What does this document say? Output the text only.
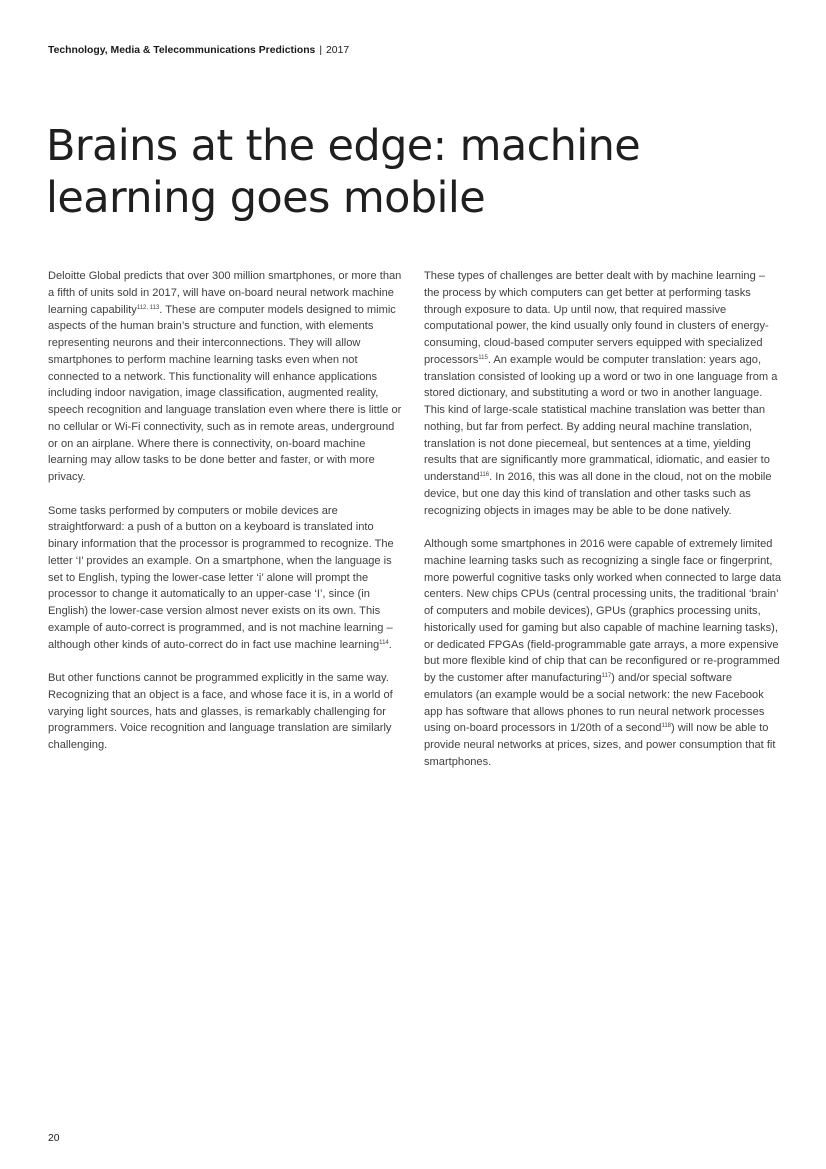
Technology, Media & Telecommunications Predictions | 2017
Brains at the edge: machine learning goes mobile

Deloitte Global predicts that over 300 million smartphones, or more than a fifth of units sold in 2017, will have on-board neural network machine learning capability$^{112, 113}$. These are computer models designed to mimic aspects of the human brain’s structure and function, with elements representing neurons and their interconnections. They will allow smartphones to perform machine learning tasks even when not connected to a network. This functionality will enhance applications including indoor navigation, image classification, augmented reality, speech recognition and language translation even where there is little or no cellular or Wi-Fi connectivity, such as in remote areas, underground or on an airplane. Where there is connectivity, on-board machine learning may allow tasks to be done better and faster, or with more privacy.

Some tasks performed by computers or mobile devices are straightforward: a push of a button on a keyboard is translated into binary information that the processor is programmed to recognize. The letter ‘I’ provides an example. On a smartphone, when the language is set to English, typing the lower-case letter ‘i’ alone will prompt the processor to change it automatically to an upper-case ‘I’, since (in English) the lower-case version almost never exists on its own. This example of auto-correct is programmed, and is not machine learning – although other kinds of auto-correct do in fact use machine learning$^{114}$.

But other functions cannot be programmed explicitly in the same way. Recognizing that an object is a face, and whose face it is, in a world of varying light sources, hats and glasses, is remarkably challenging for programmers. Voice recognition and language translation are similarly challenging.

These types of challenges are better dealt with by machine learning – the process by which computers can get better at performing tasks through exposure to data. Up until now, that required massive computational power, the kind usually only found in clusters of energy-consuming, cloud-based computer servers equipped with specialized processors$^{115}$. An example would be computer translation: years ago, translation consisted of looking up a word or two in one language from a stored dictionary, and substituting a word or two in another language. This kind of large-scale statistical machine translation was better than nothing, but far from perfect. By adding neural machine translation, translation is not done piecemeal, but sentences at a time, yielding results that are significantly more grammatical, idiomatic, and easier to understand$^{116}$. In 2016, this was all done in the cloud, not on the mobile device, but one day this kind of translation and other tasks such as recognizing objects in images may be able to be done natively.

Although some smartphones in 2016 were capable of extremely limited machine learning tasks such as recognizing a single face or fingerprint, more powerful cognitive tasks only worked when connected to large data centers. New chips CPUs (central processing units, the traditional ‘brain’ of computers and mobile devices), GPUs (graphics processing units, historically used for gaming but also capable of machine learning tasks), or dedicated FPGAs (field-programmable gate arrays, a more expensive but more flexible kind of chip that can be reconfigured or re-programmed by the customer after manufacturing$^{117}$) and/or special software emulators (an example would be a social network: the new Facebook app has software that allows phones to run neural network processes using on-board processors in 1/20th of a second$^{118}$) will now be able to provide neural networks at prices, sizes, and power consumption that fit smartphones.

20
